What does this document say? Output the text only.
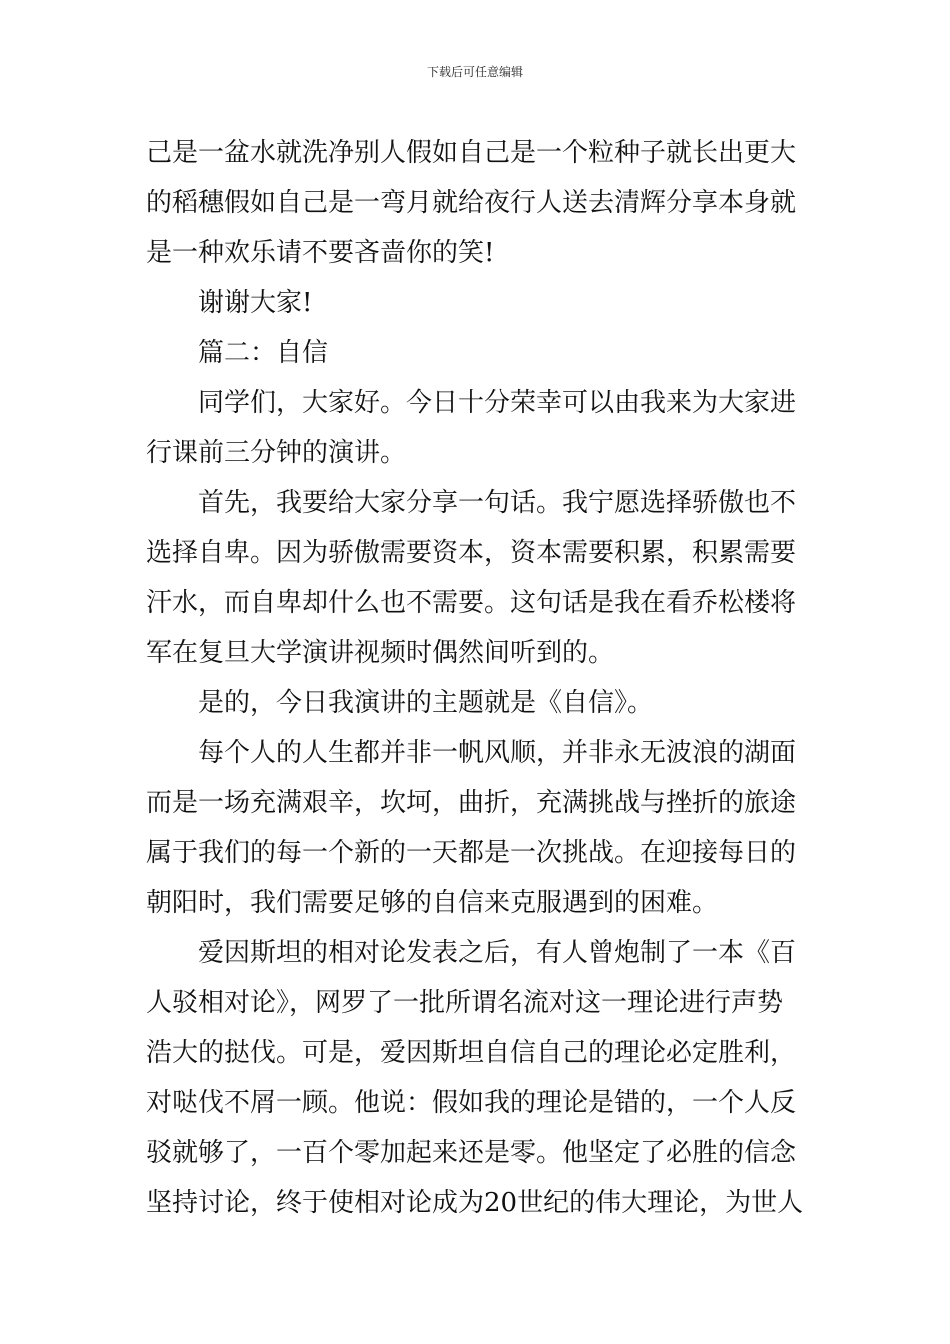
下载后可任意编辑
己是一盆水就洗净别人假如自己是一个粒种子就长出更大
的稻穗假如自己是一弯月就给夜行人送去清辉分享本身就
是一种欢乐请不要吝啬你的笑!
谢谢大家!
篇二：自信
同学们，大家好。今日十分荣幸可以由我来为大家进
行课前三分钟的演讲。
首先，我要给大家分享一句话。我宁愿选择骄傲也不
选择自卑。因为骄傲需要资本，资本需要积累，积累需要
汗水，而自卑却什么也不需要。这句话是我在看乔松楼将
军在复旦大学演讲视频时偶然间听到的。
是的，今日我演讲的主题就是《自信》。
每个人的人生都并非一帆风顺，并非永无波浪的湖面
而是一场充满艰辛，坎坷，曲折，充满挑战与挫折的旅途
属于我们的每一个新的一天都是一次挑战。在迎接每日的
朝阳时，我们需要足够的自信来克服遇到的困难。
爱因斯坦的相对论发表之后，有人曾炮制了一本《百
人驳相对论》，网罗了一批所谓名流对这一理论进行声势
浩大的挞伐。可是，爱因斯坦自信自己的理论必定胜利，
对哒伐不屑一顾。他说：假如我的理论是错的，一个人反
驳就够了，一百个零加起来还是零。他坚定了必胜的信念
坚持讨论，终于使相对论成为20世纪的伟大理论，为世人
